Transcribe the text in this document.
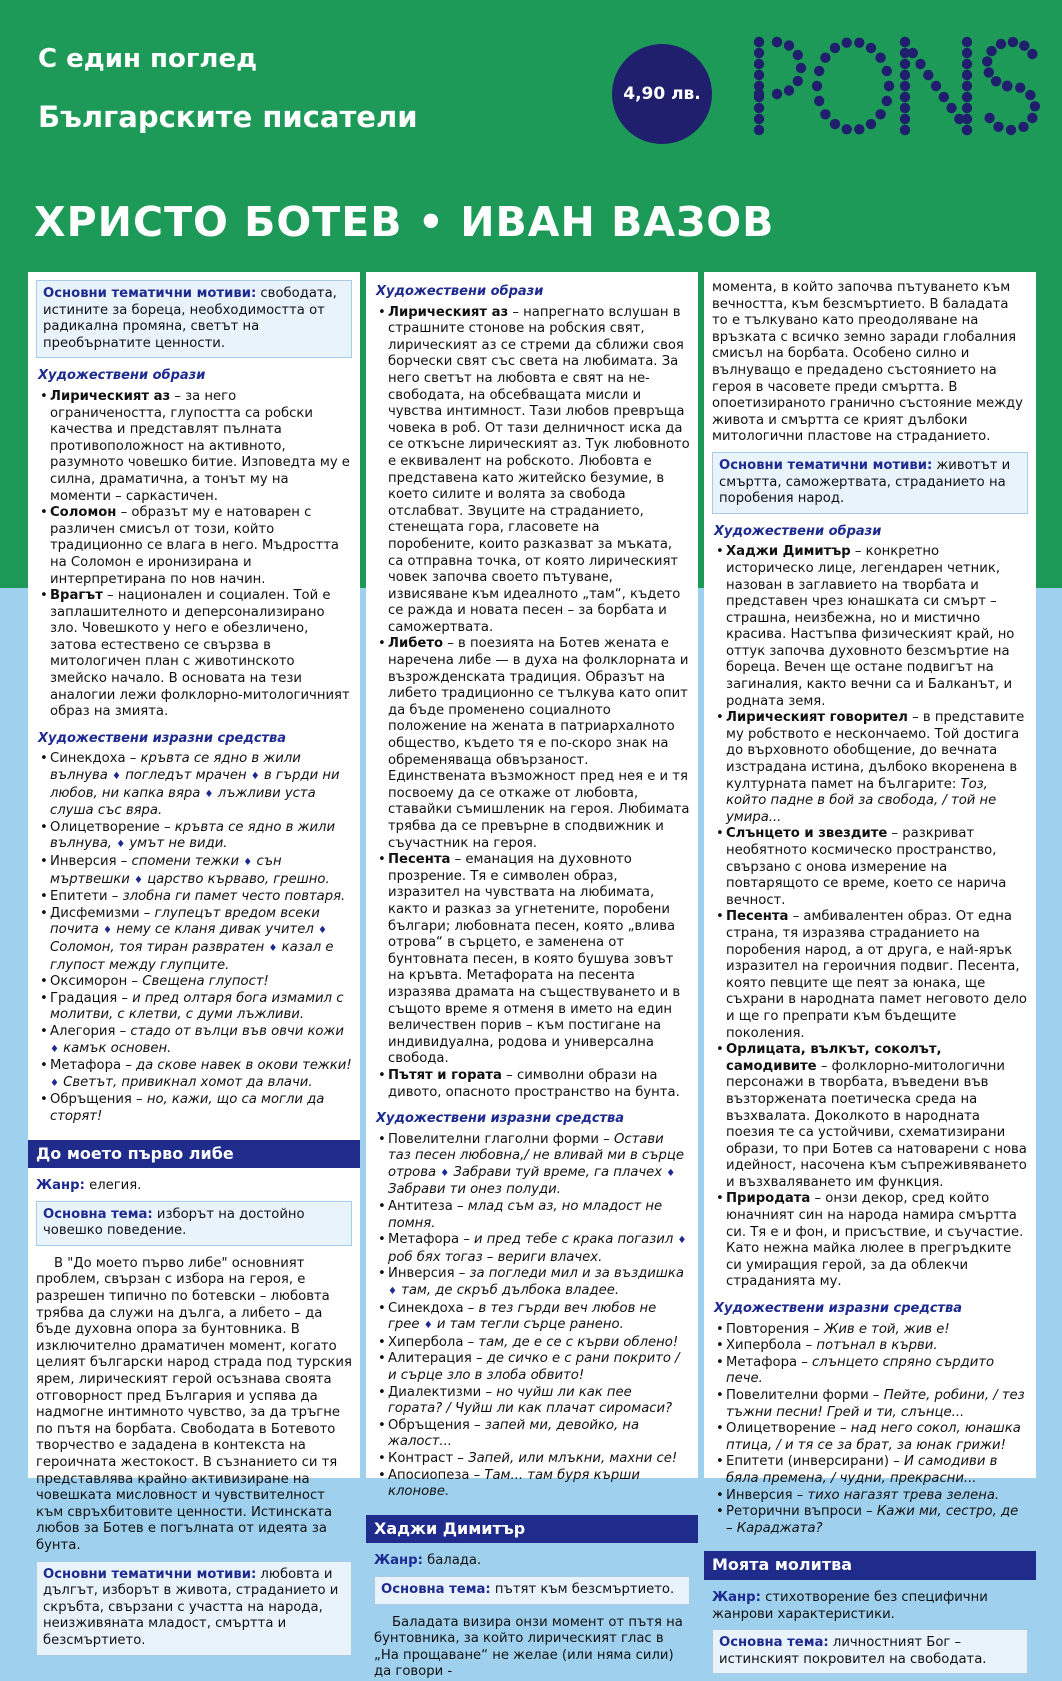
С един поглед
Българските писатели
4,90 лв.
ХРИСТО БОТЕВ • ИВАН ВАЗОВ
Основни тематични мотиви: свободата, истините за бореца, необходимостта от радикална промяна, светът на преобърнатите ценности.
Художествени образи
• Лирическият аз – за него ограничеността, глупостта са робски качества и представлят пълната противоположност на активното, разумното човешко битие. Изповедта му е силна, драматична, а тонът му на моменти – саркастичен.
• Соломон – образът му е натоварен с различен смисъл от този, който традиционно се влага в него. Мъдростта на Соломон е иронизирана и интерпретирана по нов начин.
• Врагът – национален и социален. Той е заплашителното и деперсонализирано зло. Човешкото у него е обезличено, затова естествено се свързва в митологичен план с животинското змейско начало. В основата на тези аналогии лежи фолклорно-митологичният образ на змията.
Художествени изразни средства
• Синекдоха – кръвта се ядно в жили вълнува ♦ погледът мрачен ♦ в гърди ни любов, ни капка вяра ♦ лъжливи уста слуша със вяра.
• Олицетворение – кръвта се ядно в жили вълнува, ♦ умът не види.
• Инверсия – спомени тежки ♦ сън мъртвешки ♦ царство кърваво, грешно.
• Епитети – злобна ги памет често повтаря.
• Дисфемизми – глупецът вредом всеки почита ♦ нему се кланя дивак учител ♦ Соломон, тоя тиран развратен ♦ казал е глупост между глупците.
• Оксиморон – Свещена глупост!
• Градация – и пред олтаря бога измамил с молитви, с клетви, с думи лъжливи.
• Алегория – стадо от вълци във овчи кожи ♦ камък основен.
• Метафора – да скове навек в окови тежки! ♦ Светът, привикнал хомот да влачи.
• Обръщения – но, кажи, що са могли да сторят!
До моето първо либе
Жанр: елегия.
Основна тема: изборът на достойно човешко поведение.

В "До моето първо либе" основният проблем, свързан с избора на героя, е разрешен типично по ботевски – любовта трябва да служи на дълга, а либето – да бъде духовна опора за бунтовника. В изключително драматичен момент, когато целият български народ страда под турския ярем, лирическият герой осъзнава своята отговорност пред България и успява да надмогне интимното чувство, за да тръгне по пътя на борбата. Свободата в Ботевото творчество е зададена в контекста на героичната жестокост. В съзнанието си тя представлява крайно активизиране на човешката мисловност и чувствителност към свръхбитовите ценности. Истинската любов за Ботев е погълната от идеята за бунта.

Основни тематични мотиви: любовта и дългът, изборът в живота, страданието и скръбта, свързани с участта на народа, неизживяната младост, смъртта и безсмъртието.
Художествени образи
• Лирическият аз – напрегнато вслушан в страшните стонове на робския свят, лирическият аз се стреми да сближи своя борчески свят със света на любимата. За него светът на любовта е свят на не-свободата, на обсебващата мисли и чувства интимност. Тази любов превръща човека в роб. От тази делничност иска да се откъсне лирическият аз. Тук любовното е еквивалент на робското. Любовта е представена като житейско безумие, в което силите и волята за свобода отслабват. Звуците на страданието, стенещата гора, гласовете на поробените, които разказват за мъката, са отправна точка, от която лирическият човек започва своето пътуване, извисяване към идеалното „там“, където се ражда и новата песен – за борбата и саможертвата.
• Либето – в поезията на Ботев жената е наречена либе — в духа на фолклорната и възрожденската традиция. Образът на либето традиционно се тълкува като опит да бъде променено социалното положение на жената в патриархалното общество, където тя е по-скоро знак на обременяваща обвързаност. Единствената възможност пред нея е и тя посвоему да се откаже от любовта, ставайки съмишленик на героя. Любимата трябва да се превърне в сподвижник и съучастник на героя.
• Песента – еманация на духовното прозрение. Тя е символен образ, изразител на чувствата на любимата, както и разказ за угнетените, поробени българи; любовната песен, която „влива отрова“ в сърцето, е заменена от бунтовната песен, в която бушува зовът на кръвта. Метафората на песента изразява драмата на съществуването и в същото време я отменя в името на един величествен порив – към постигане на индивидуална, родова и универсална свобода.
• Пътят и гората – символни образи на дивото, опасното пространство на бунта.
Художествени изразни средства
• Повелителни глаголни форми – Остави таз песен любовна,/ не вливай ми в сърце отрова ♦ Забрави туй време, га плачех ♦ Забрави ти онез полуди.
• Антитеза – млад съм аз, но младост не помня.
• Метафора – и пред тебе с крака погазил ♦ роб бях тогаз – вериги влачех.
• Инверсия – за погледи мил и за въздишка ♦ там, де скръб дълбока владее.
• Синекдоха – в тез гърди веч любов не грее ♦ и там тегли сърце ранено.
• Хипербола – там, де е се с кърви облено!
• Алитерация – де сичко е с рани покрито / и сърце зло в злоба обвито!
• Диалектизми – но чуйш ли как пее гората? / Чуйш ли как плачат сиромаси?
• Обръщения – запей ми, девойко, на жалост...
• Контраст – Запей, или млъкни, махни се!
• Апосиопеза – Там... там буря кърши клонове.
Хаджи Димитър
Жанр: балада.
Основна тема: пътят към безсмъртието.

Баладата визира онзи момент от пътя на бунтовника, за който лирическият глас в „На прощаване“ не желае (или няма сили) да говори -

момента, в който започва пътуването към вечността, към безсмъртието. В баладата то е тълкувано като преодоляване на връзката с всичко земно заради глобалния смисъл на борбата. Особено силно и вълнуващо е предадено състоянието на героя в часовете преди смъртта. В опоетизираното гранично състояние между живота и смъртта се крият дълбоки митологични пластове на страданието.

Основни тематични мотиви: животът и смъртта, саможертвата, страданието на поробения народ.
Художествени образи
• Хаджи Димитър – конкретно историческо лице, легендарен четник, назован в заглавието на творбата и представен чрез юнашката си смърт – страшна, неизбежна, но и мистично красива. Настъпва физическият край, но оттук започва духовното безсмъртие на бореца. Вечен ще остане подвигът на загиналия, както вечни са и Балканът, и родната земя.
• Лирическият говорител – в представите му робството е нескончаемо. Той достига до върховното обобщение, до вечната изстрадана истина, дълбоко вкоренена в културната памет на българите: Тоз, който падне в бой за свобода, / той не умира...
• Слънцето и звездите – разкриват необятното космическо пространство, свързано с онова измерение на повтарящото се време, което се нарича вечност.
• Песента – амбивалентен образ. От една страна, тя изразява страданието на поробения народ, а от друга, е най-ярък изразител на героичния подвиг. Песента, която певците ще пеят за юнака, ще съхрани в народната памет неговото дело и ще го препрати към бъдещите поколения.
• Орлицата, вълкът, соколът, самодивите – фолклорно-митологични персонажи в творбата, въведени във възторжената поетическа среда на възхвалата. Доколкото в народната поезия те са устойчиви, схематизирани образи, то при Ботев са натоварени с нова идейност, насочена към съпреживяването и възхваляването им функция.
• Природата – онзи декор, сред който юначният син на народа намира смъртта си. Тя е и фон, и присъствие, и съучастие. Като нежна майка люлее в прегръдките си умиращия герой, за да облекчи страданията му.
Художествени изразни средства
• Повторения – Жив е той, жив е!
• Хипербола – потънал в кърви.
• Метафора – слънцето спряно сърдито пече.
• Повелителни форми – Пейте, робини, / тез тъжни песни! Грей и ти, слънце...
• Олицетворение – над него сокол, юнашка птица, / и тя се за брат, за юнак грижи!
• Епитети (инверсирани) – И самодиви в бяла премена, / чудни, прекрасни...
• Инверсия – тихо нагазят трева зелена.
• Реторични въпроси – Кажи ми, сестро, де – Караджата?
Моята молитва
Жанр: стихотворение без специфични жанрови характеристики.
Основна тема: личностният Бог – истинският покровител на свободата.
